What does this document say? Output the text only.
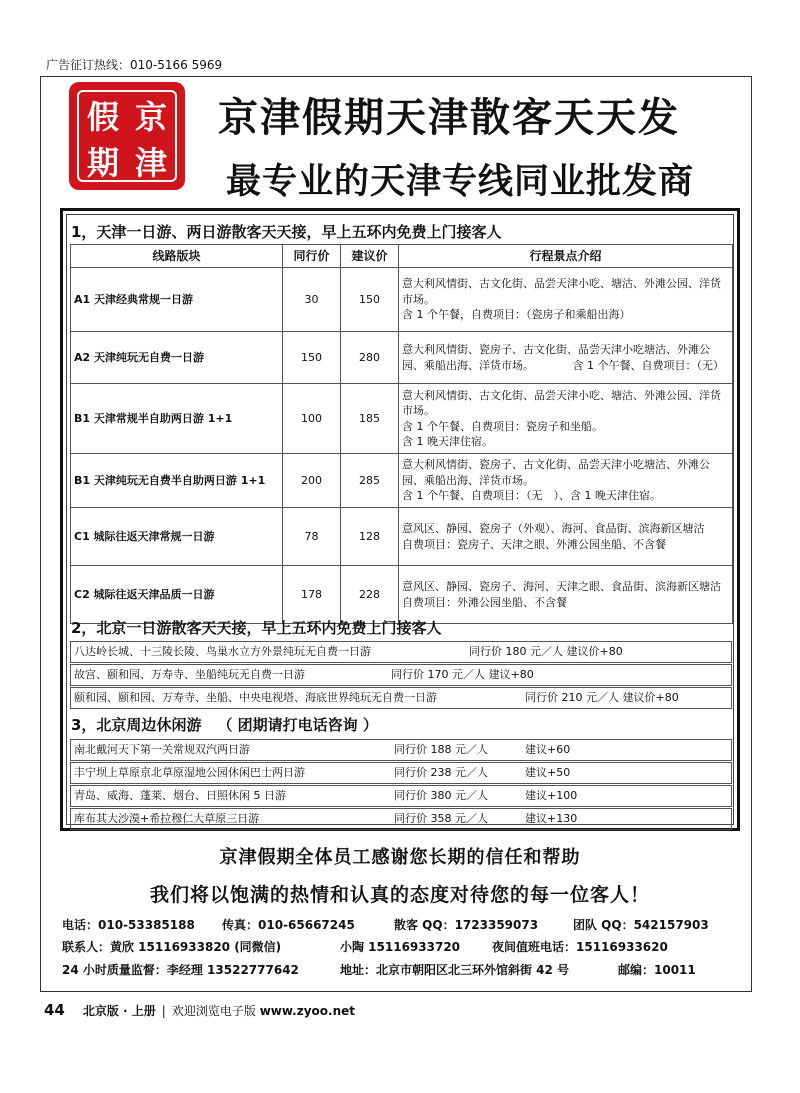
广告征订热线：010-5166 5969
假 京
期 津
京津假期天津散客天天发
最专业的天津专线同业批发商
1，天津一日游、两日游散客天天接，早上五环内免费上门接客人
线路版块	同行价	建议价	行程景点介绍
A1 天津经典常规一日游	30	150	意大利风情街、古文化街、品尝天津小吃、塘沽、外滩公园、洋货市场。
含 1 个午餐，自费项目：（瓷房子和乘船出海）
A2 天津纯玩无自费一日游	150	280	意大利风情街、瓷房子、古文化街、品尝天津小吃塘沽、外滩公园、乘船出海、洋货市场。　　　　含 1 个午餐、自费项目：（无）
B1 天津常规半自助两日游 1+1	100	185	意大利风情街、古文化街、品尝天津小吃、塘沽、外滩公园、洋货市场。
含 1 个午餐、自费项目：瓷房子和坐船。
含 1 晚天津住宿。
B1 天津纯玩无自费半自助两日游 1+1	200	285	意大利风情街、瓷房子、古文化街、品尝天津小吃塘沽、外滩公园、乘船出海、洋货市场。
含 1 个午餐、自费项目：（无　）、含 1 晚天津住宿。
C1 城际往返天津常规一日游	78	128	意风区、静园、瓷房子（外观）、海河、食品街、滨海新区塘沽
自费项目：瓷房子、天津之眼、外滩公园坐船、不含餐
C2 城际往返天津品质一日游	178	228	意风区、静园、瓷房子、海河、天津之眼、食品街、滨海新区塘沽
自费项目：外滩公园坐船、不含餐
2，北京一日游散客天天接，早上五环内免费上门接客人
八达岭长城、十三陵长陵、鸟巢水立方外景纯玩无自费一日游	同行价 180 元／人 建议价+80
故宫、颐和园、万寿寺、坐船纯玩无自费一日游	同行价 170 元／人 建议+80
颐和园、颐和园、万寿寺、坐船、中央电视塔、海底世界纯玩无自费一日游	同行价 210 元／人 建议价+80
3，北京周边休闲游 （ 团期请打电话咨询 ）
南北戴河天下第一关常规双汽两日游	同行价 188 元／人	建议+60
丰宁坝上草原京北草原湿地公园休闲巴士两日游	同行价 238 元／人	建议+50
青岛、威海、蓬莱、烟台、日照休闲 5 日游	同行价 380 元／人	建议+100
库布其大沙漠+希拉穆仁大草原三日游	同行价 358 元／人	建议+130
京津假期全体员工感谢您长期的信任和帮助
我们将以饱满的热情和认真的态度对待您的每一位客人！
电话：010-53385188 传真：010-65667245	散客 QQ：1723359073	团队 QQ：542157903
联系人：黄欣 15116933820 (同微信)	小陶 15116933720	夜间值班电话：15116933620
24 小时质量监督：李经理 13522777642	地址：北京市朝阳区北三环外馆斜街 42 号	邮编：10011
44 北京版 · 上册 | 欢迎浏览电子版 www.zyoo.net
